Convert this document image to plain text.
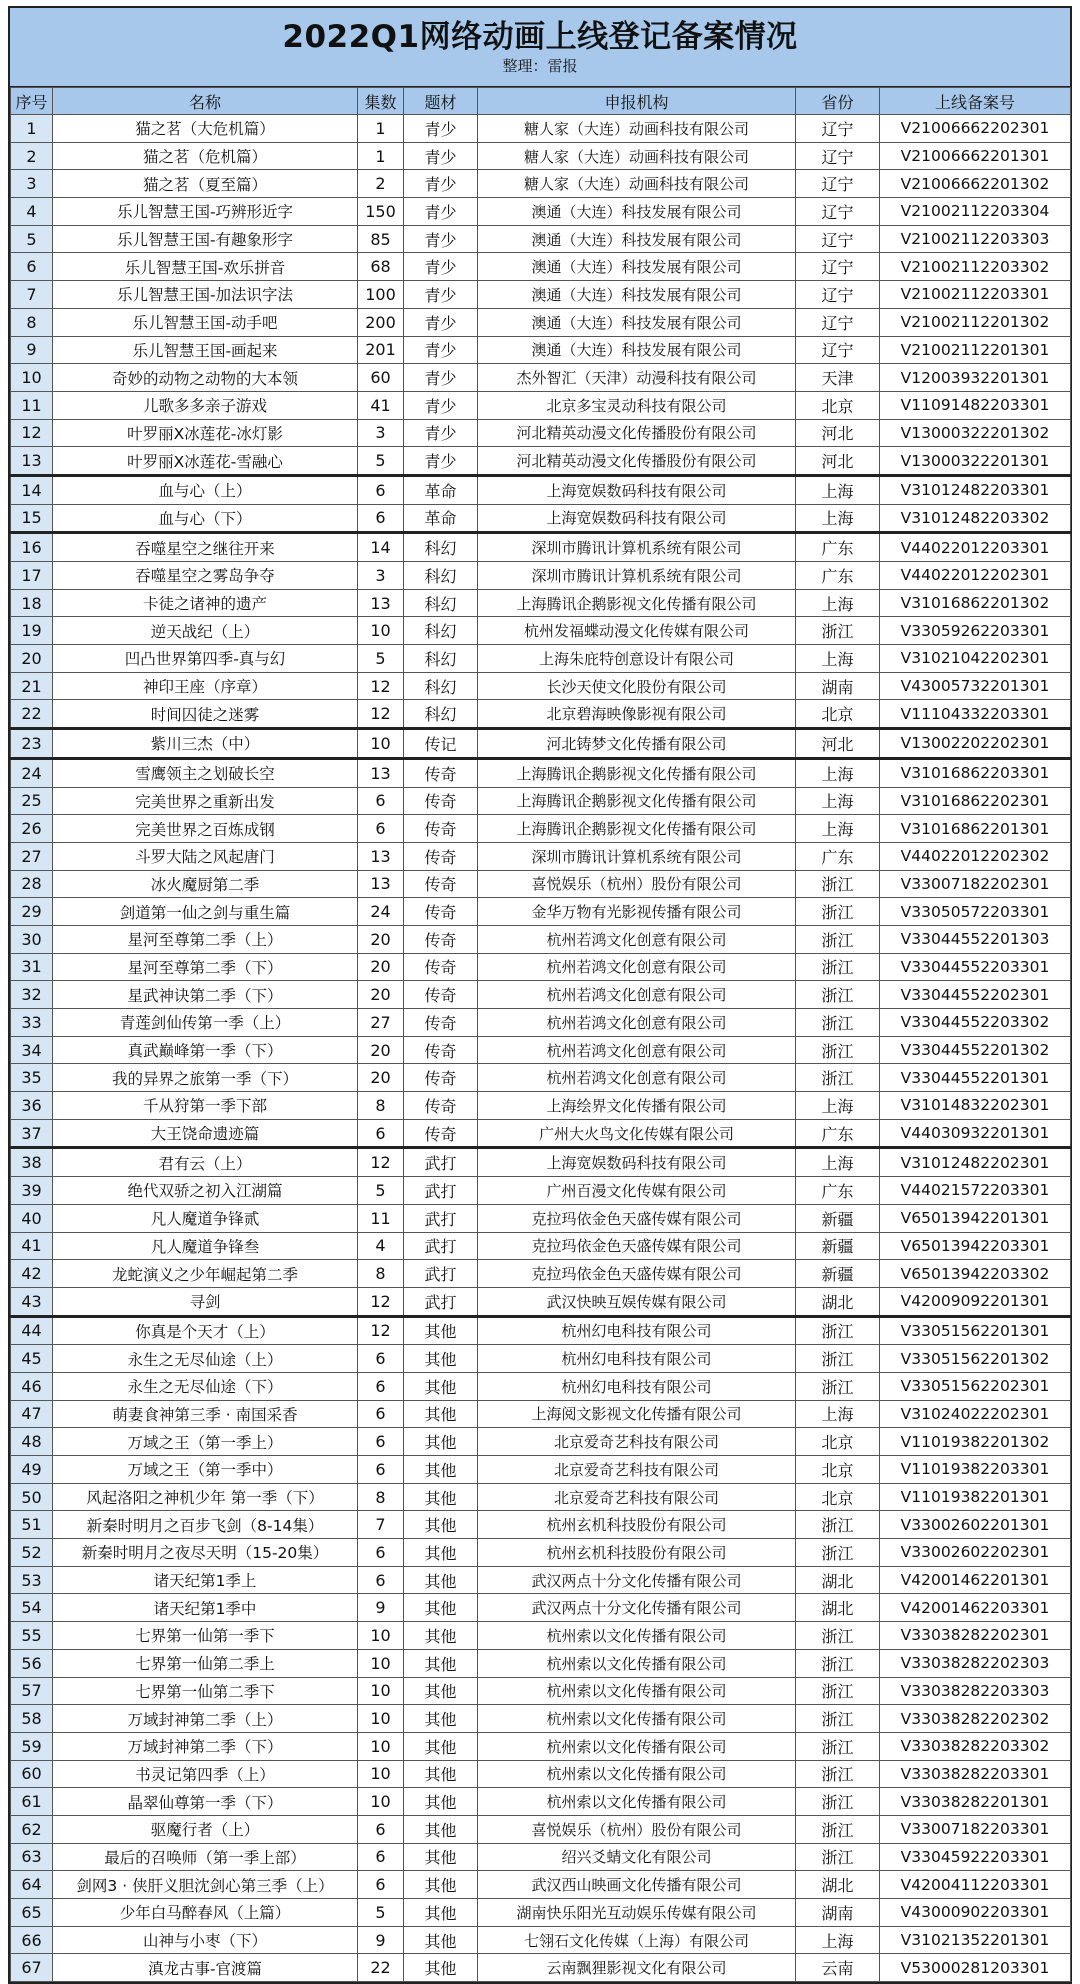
2022Q1网络动画上线登记备案情况
整理：雷报
序号	名称	集数	题材	申报机构	省份	上线备案号
1	猫之茗（大危机篇）	1	青少	糖人家（大连）动画科技有限公司	辽宁	V21006662202301
2	猫之茗（危机篇）	1	青少	糖人家（大连）动画科技有限公司	辽宁	V21006662201301
3	猫之茗（夏至篇）	2	青少	糖人家（大连）动画科技有限公司	辽宁	V21006662201302
4	乐儿智慧王国-巧辨形近字	150	青少	澳通（大连）科技发展有限公司	辽宁	V21002112203304
5	乐儿智慧王国-有趣象形字	85	青少	澳通（大连）科技发展有限公司	辽宁	V21002112203303
6	乐儿智慧王国-欢乐拼音	68	青少	澳通（大连）科技发展有限公司	辽宁	V21002112203302
7	乐儿智慧王国-加法识字法	100	青少	澳通（大连）科技发展有限公司	辽宁	V21002112203301
8	乐儿智慧王国-动手吧	200	青少	澳通（大连）科技发展有限公司	辽宁	V21002112201302
9	乐儿智慧王国-画起来	201	青少	澳通（大连）科技发展有限公司	辽宁	V21002112201301
10	奇妙的动物之动物的大本领	60	青少	杰外智汇（天津）动漫科技有限公司	天津	V12003932201301
11	儿歌多多亲子游戏	41	青少	北京多宝灵动科技有限公司	北京	V11091482203301
12	叶罗丽X冰莲花-冰灯影	3	青少	河北精英动漫文化传播股份有限公司	河北	V13000322201302
13	叶罗丽X冰莲花-雪融心	5	青少	河北精英动漫文化传播股份有限公司	河北	V13000322201301
14	血与心（上）	6	革命	上海宽娱数码科技有限公司	上海	V31012482203301
15	血与心（下）	6	革命	上海宽娱数码科技有限公司	上海	V31012482203302
16	吞噬星空之继往开来	14	科幻	深圳市腾讯计算机系统有限公司	广东	V44022012203301
17	吞噬星空之雾岛争夺	3	科幻	深圳市腾讯计算机系统有限公司	广东	V44022012202301
18	卡徒之诸神的遗产	13	科幻	上海腾讯企鹅影视文化传播有限公司	上海	V31016862201302
19	逆天战纪（上）	10	科幻	杭州发福蝶动漫文化传媒有限公司	浙江	V33059262203301
20	凹凸世界第四季-真与幻	5	科幻	上海朱庇特创意设计有限公司	上海	V31021042202301
21	神印王座（序章）	12	科幻	长沙天使文化股份有限公司	湖南	V43005732201301
22	时间囚徒之迷雾	12	科幻	北京碧海映像影视有限公司	北京	V11104332203301
23	紫川三杰（中）	10	传记	河北铸梦文化传播有限公司	河北	V13002202202301
24	雪鹰领主之划破长空	13	传奇	上海腾讯企鹅影视文化传播有限公司	上海	V31016862203301
25	完美世界之重新出发	6	传奇	上海腾讯企鹅影视文化传播有限公司	上海	V31016862202301
26	完美世界之百炼成钢	6	传奇	上海腾讯企鹅影视文化传播有限公司	上海	V31016862201301
27	斗罗大陆之风起唐门	13	传奇	深圳市腾讯计算机系统有限公司	广东	V44022012202302
28	冰火魔厨第二季	13	传奇	喜悦娱乐（杭州）股份有限公司	浙江	V33007182202301
29	剑道第一仙之剑与重生篇	24	传奇	金华万物有光影视传播有限公司	浙江	V33050572203301
30	星河至尊第二季（上）	20	传奇	杭州若鸿文化创意有限公司	浙江	V33044552201303
31	星河至尊第二季（下）	20	传奇	杭州若鸿文化创意有限公司	浙江	V33044552203301
32	星武神诀第二季（下）	20	传奇	杭州若鸿文化创意有限公司	浙江	V33044552202301
33	青莲剑仙传第一季（上）	27	传奇	杭州若鸿文化创意有限公司	浙江	V33044552203302
34	真武巅峰第一季（下）	20	传奇	杭州若鸿文化创意有限公司	浙江	V33044552201302
35	我的异界之旅第一季（下）	20	传奇	杭州若鸿文化创意有限公司	浙江	V33044552201301
36	千从狩第一季下部	8	传奇	上海绘界文化传播有限公司	上海	V31014832202301
37	大王饶命遗迹篇	6	传奇	广州大火鸟文化传媒有限公司	广东	V44030932201301
38	君有云（上）	12	武打	上海宽娱数码科技有限公司	上海	V31012482202301
39	绝代双骄之初入江湖篇	5	武打	广州百漫文化传媒有限公司	广东	V44021572203301
40	凡人魔道争锋贰	11	武打	克拉玛依金色天盛传媒有限公司	新疆	V65013942201301
41	凡人魔道争锋叁	4	武打	克拉玛依金色天盛传媒有限公司	新疆	V65013942203301
42	龙蛇演义之少年崛起第二季	8	武打	克拉玛依金色天盛传媒有限公司	新疆	V65013942203302
43	寻剑	12	武打	武汉快映互娱传媒有限公司	湖北	V42009092201301
44	你真是个天才（上）	12	其他	杭州幻电科技有限公司	浙江	V33051562201301
45	永生之无尽仙途（上）	6	其他	杭州幻电科技有限公司	浙江	V33051562201302
46	永生之无尽仙途（下）	6	其他	杭州幻电科技有限公司	浙江	V33051562202301
47	萌妻食神第三季 · 南国采香	6	其他	上海阅文影视文化传播有限公司	上海	V31024022202301
48	万域之王（第一季上）	6	其他	北京爱奇艺科技有限公司	北京	V11019382201302
49	万域之王（第一季中）	6	其他	北京爱奇艺科技有限公司	北京	V11019382203301
50	风起洛阳之神机少年 第一季（下）	8	其他	北京爱奇艺科技有限公司	北京	V11019382201301
51	新秦时明月之百步飞剑（8-14集）	7	其他	杭州玄机科技股份有限公司	浙江	V33002602201301
52	新秦时明月之夜尽天明（15-20集）	6	其他	杭州玄机科技股份有限公司	浙江	V33002602202301
53	诸天纪第1季上	6	其他	武汉两点十分文化传播有限公司	湖北	V42001462201301
54	诸天纪第1季中	9	其他	武汉两点十分文化传播有限公司	湖北	V42001462203301
55	七界第一仙第一季下	10	其他	杭州索以文化传播有限公司	浙江	V33038282202301
56	七界第一仙第二季上	10	其他	杭州索以文化传播有限公司	浙江	V33038282202303
57	七界第一仙第二季下	10	其他	杭州索以文化传播有限公司	浙江	V33038282203303
58	万域封神第二季（上）	10	其他	杭州索以文化传播有限公司	浙江	V33038282202302
59	万域封神第二季（下）	10	其他	杭州索以文化传播有限公司	浙江	V33038282203302
60	书灵记第四季（上）	10	其他	杭州索以文化传播有限公司	浙江	V33038282203301
61	晶翠仙尊第一季（下）	10	其他	杭州索以文化传播有限公司	浙江	V33038282201301
62	驱魔行者（上）	6	其他	喜悦娱乐（杭州）股份有限公司	浙江	V33007182203301
63	最后的召唤师（第一季上部）	6	其他	绍兴爻蜻文化有限公司	浙江	V33045922203301
64	剑网3 · 侠肝义胆沈剑心第三季（上）	6	其他	武汉西山映画文化传播有限公司	湖北	V42004112203301
65	少年白马醉春风（上篇）	5	其他	湖南快乐阳光互动娱乐传媒有限公司	湖南	V43000902203301
66	山神与小枣（下）	9	其他	七翎石文化传媒（上海）有限公司	上海	V31021352201301
67	滇龙古事-官渡篇	22	其他	云南飘狸影视文化有限公司	云南	V53000281203301
